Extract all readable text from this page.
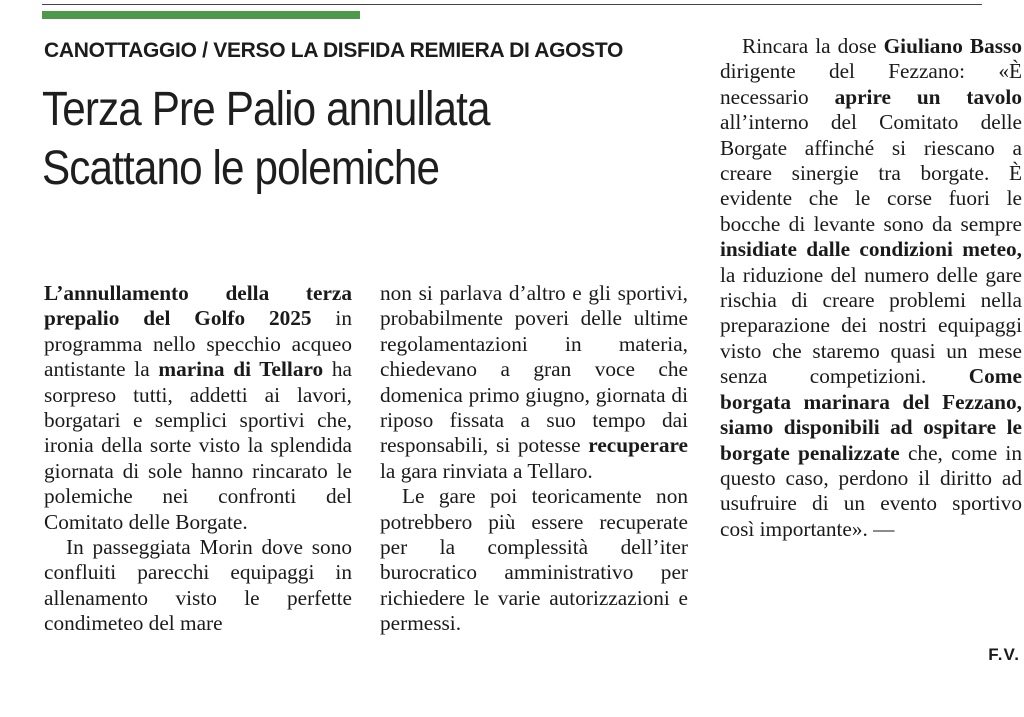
CANOTTAGGIO / VERSO LA DISFIDA REMIERA DI AGOSTO
Terza Pre Palio annullata
Scattano le polemiche

L’annullamento della terza prepalio del Golfo 2025 in programma nello specchio acqueo antistante la marina di Tellaro ha sorpreso tutti, addetti ai lavori, borgatari e semplici sportivi che, ironia della sorte visto la splendida giornata di sole hanno rincarato le polemiche nei confronti del Comitato delle Borgate.

In passeggiata Morin dove sono confluiti parecchi equipaggi in allenamento visto le perfette condimeteo del mare

non si parlava d’altro e gli sportivi, probabilmente poveri delle ultime regolamentazioni in materia, chiedevano a gran voce che domenica primo giugno, giornata di riposo fissata a suo tempo dai responsabili, si potesse recuperare la gara rinviata a Tellaro.

Le gare poi teoricamente non potrebbero più essere recuperate per la complessità dell’iter burocratico amministrativo per richiedere le varie autorizzazioni e permessi.

Rincara la dose Giuliano Basso dirigente del Fezzano: «È necessario aprire un tavolo all’interno del Comitato delle Borgate affinché si riescano a creare sinergie tra borgate. È evidente che le corse fuori le bocche di levante sono da sempre insidiate dalle condizioni meteo, la riduzione del numero delle gare rischia di creare problemi nella preparazione dei nostri equipaggi visto che staremo quasi un mese senza competizioni. Come borgata marinara del Fezzano, siamo disponibili ad ospitare le borgate penalizzate che, come in questo caso, perdono il diritto ad usufruire di un evento sportivo così importante». —

F.V.
